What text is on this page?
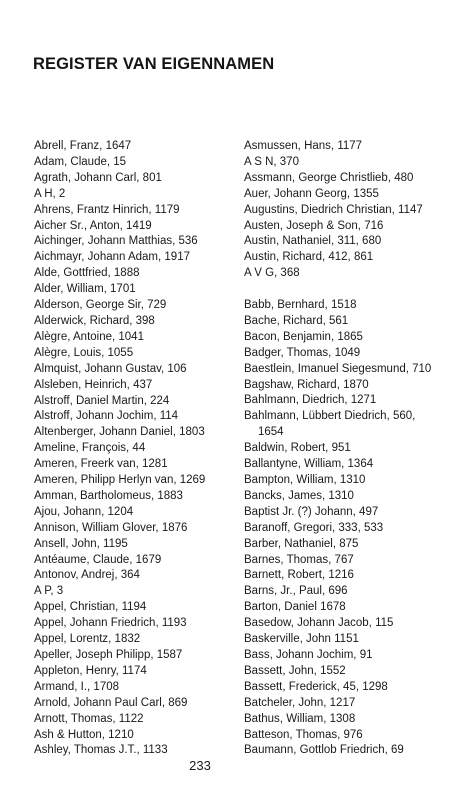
REGISTER VAN EIGENNAMEN
Abrell, Franz, 1647
Adam, Claude, 15
Agrath, Johann Carl, 801
A H, 2
Ahrens, Frantz Hinrich, 1179
Aicher Sr., Anton, 1419
Aichinger, Johann Matthias, 536
Aichmayr, Johann Adam, 1917
Alde, Gottfried, 1888
Alder, William, 1701
Alderson, George Sir, 729
Alderwick, Richard, 398
Alègre, Antoine, 1041
Alègre, Louis, 1055
Almquist, Johann Gustav, 106
Alsleben, Heinrich, 437
Alstroff, Daniel Martin, 224
Alstroff, Johann Jochim, 114
Altenberger, Johann Daniel, 1803
Ameline, François, 44
Ameren, Freerk van, 1281
Ameren, Philipp Herlyn van, 1269
Amman, Bartholomeus, 1883
Ajou, Johann, 1204
Annison, William Glover, 1876
Ansell, John, 1195
Antéaume, Claude, 1679
Antonov, Andrej, 364
A P, 3
Appel, Christian, 1194
Appel, Johann Friedrich, 1193
Appel, Lorentz, 1832
Apeller, Joseph Philipp, 1587
Appleton, Henry, 1174
Armand, I., 1708
Arnold, Johann Paul Carl, 869
Arnott, Thomas, 1122
Ash & Hutton, 1210
Ashley, Thomas J.T., 1133
Asmussen, Hans, 1177
A S N, 370
Assmann, George Christlieb, 480
Auer, Johann Georg, 1355
Augustins, Diedrich Christian, 1147
Austen, Joseph & Son, 716
Austin, Nathaniel, 311, 680
Austin, Richard, 412, 861
A V G, 368
Babb, Bernhard, 1518
Bache, Richard, 561
Bacon, Benjamin, 1865
Badger, Thomas, 1049
Baestlein, Imanuel Siegesmund, 710
Bagshaw, Richard, 1870
Bahlmann, Diedrich, 1271
Bahlmann, Lübbert Diedrich, 560,
1654
Baldwin, Robert, 951
Ballantyne, William, 1364
Bampton, William, 1310
Bancks, James, 1310
Baptist Jr. (?) Johann, 497
Baranoff, Gregori, 333, 533
Barber, Nathaniel, 875
Barnes, Thomas, 767
Barnett, Robert, 1216
Barns, Jr., Paul, 696
Barton, Daniel 1678
Basedow, Johann Jacob, 115
Baskerville, John 1151
Bass, Johann Jochim, 91
Bassett, John, 1552
Bassett, Frederick, 45, 1298
Batcheler, John, 1217
Bathus, William, 1308
Batteson, Thomas, 976
Baumann, Gottlob Friedrich, 69
233
